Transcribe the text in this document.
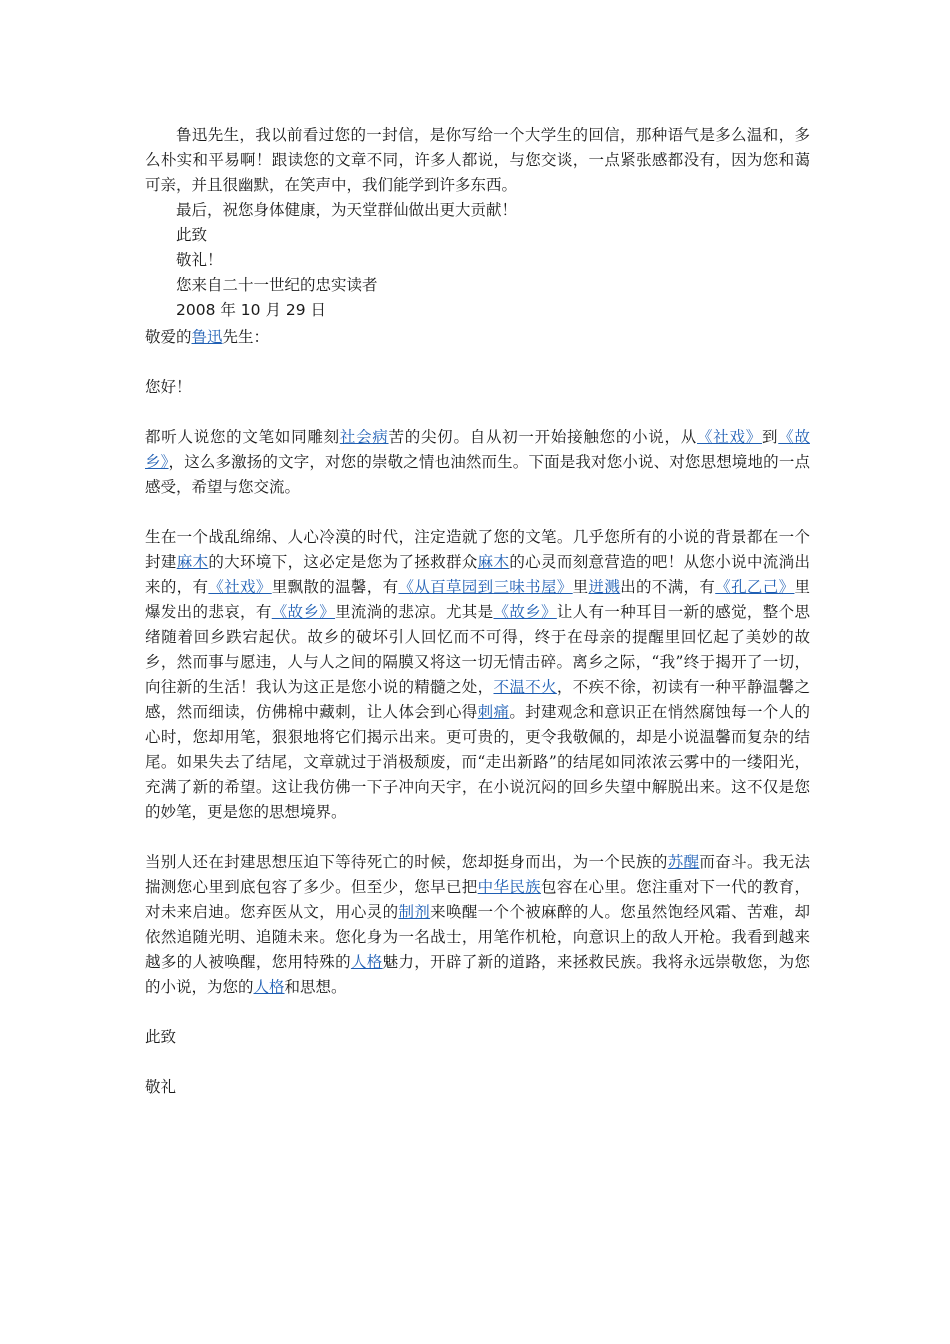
鲁迅先生，我以前看过您的一封信，是你写给一个大学生的回信，那种语气是多么温和，多么朴实和平易啊！跟读您的文章不同，许多人都说，与您交谈，一点紧张感都没有，因为您和蔼可亲，并且很幽默，在笑声中，我们能学到许多东西。

最后，祝您身体健康，为天堂群仙做出更大贡献！

此致

敬礼！

您来自二十一世纪的忠实读者

2008 年 10 月 29 日

敬爱的鲁迅先生：

您好！

都听人说您的文笔如同雕刻社会病苦的尖仞。自从初一开始接触您的小说，从《社戏》到《故乡》，这么多激扬的文字，对您的崇敬之情也油然而生。下面是我对您小说、对您思想境地的一点感受，希望与您交流。

生在一个战乱绵绵、人心冷漠的时代，注定造就了您的文笔。几乎您所有的小说的背景都在一个封建麻木的大环境下，这必定是您为了拯救群众麻木的心灵而刻意营造的吧！从您小说中流淌出来的，有《社戏》里飘散的温馨，有《从百草园到三味书屋》里迸溅出的不满，有《孔乙己》里爆发出的悲哀，有《故乡》里流淌的悲凉。尤其是《故乡》让人有一种耳目一新的感觉，整个思绪随着回乡跌宕起伏。故乡的破坏引人回忆而不可得，终于在母亲的提醒里回忆起了美妙的故乡，然而事与愿违，人与人之间的隔膜又将这一切无情击碎。离乡之际，“我”终于揭开了一切，向往新的生活！我认为这正是您小说的精髓之处，不温不火，不疾不徐，初读有一种平静温馨之感，然而细读，仿佛棉中藏刺，让人体会到心得刺痛。封建观念和意识正在悄然腐蚀每一个人的心时，您却用笔，狠狠地将它们揭示出来。更可贵的，更令我敬佩的，却是小说温馨而复杂的结尾。如果失去了结尾，文章就过于消极颓废，而“走出新路”的结尾如同浓浓云雾中的一缕阳光，充满了新的希望。这让我仿佛一下子冲向天宇，在小说沉闷的回乡失望中解脱出来。这不仅是您的妙笔，更是您的思想境界。

当别人还在封建思想压迫下等待死亡的时候，您却挺身而出，为一个民族的苏醒而奋斗。我无法揣测您心里到底包容了多少。但至少，您早已把中华民族包容在心里。您注重对下一代的教育，对未来启迪。您弃医从文，用心灵的制剂来唤醒一个个被麻醉的人。您虽然饱经风霜、苦难，却依然追随光明、追随未来。您化身为一名战士，用笔作机枪，向意识上的敌人开枪。我看到越来越多的人被唤醒，您用特殊的人格魅力，开辟了新的道路，来拯救民族。我将永远崇敬您，为您的小说，为您的人格和思想。

此致

敬礼
